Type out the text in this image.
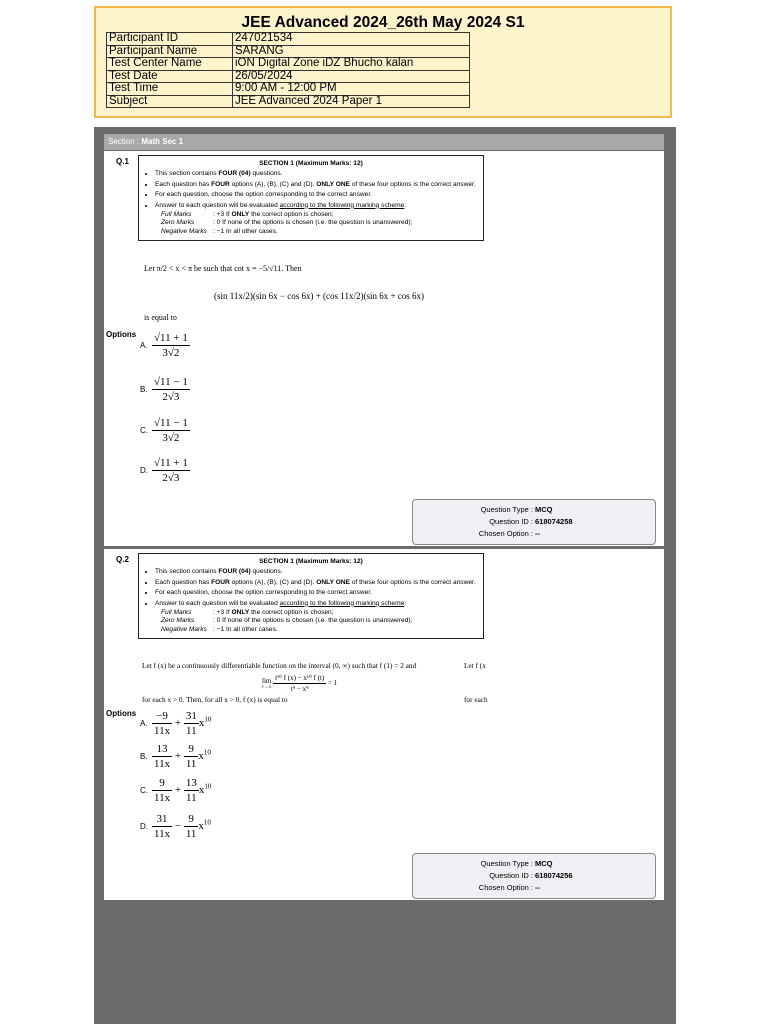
JEE Advanced 2024_26th May 2024 S1
Participant ID	247021534
Participant Name	SARANG
Test Center Name	iON Digital Zone iDZ Bhucho kalan
Test Date	26/05/2024
Test Time	9:00 AM - 12:00 PM
Subject	JEE Advanced 2024 Paper 1
Section : Math Sec 1
Q.1	SECTION 1 (Maximum Marks: 12)
• This section contains FOUR (04) questions.
• Each question has FOUR options (A), (B), (C) and (D). ONLY ONE of these four options is the correct answer.
• For each question, choose the option corresponding to the correct answer.
• Answer to each question will be evaluated according to the following marking scheme:
Full Marks	: +3 If ONLY the correct option is chosen;
Zero Marks	: 0 If none of the options is chosen (i.e. the question is unanswered);
Negative Marks : −1 In all other cases.
Let π/2 < x < π be such that cot x = −5/√11. Then
(sin 11x/2)(sin 6x − cos 6x) + (cos 11x/2)(sin 6x + cos 6x)
is equal to
Options
A. $\frac{√11 + 1}{3√2}$
B. $\frac{√11 - 1}{2√3}$
C. $\frac{√11 - 1}{3√2}$
D. $\frac{√11 + 1}{2√3}$
Question Type : MCQ
Question ID : 618074258
Chosen Option : --
Q.2	SECTION 1 (Maximum Marks: 12)
• This section contains FOUR (04) questions.
• Each question has FOUR options (A), (B), (C) and (D). ONLY ONE of these four options is the correct answer.
• For each question, choose the option corresponding to the correct answer.
• Answer to each question will be evaluated according to the following marking scheme:
Full Marks	: +3 If ONLY the correct option is chosen;
Zero Marks	: 0 If none of the options is chosen (i.e. the question is unanswered);
Negative Marks : −1 In all other cases.
Let f (x) be a continuously differentiable function on the interval (0, ∞) such that f (1) = 2 and	Let f (x
lim
t→x
$\frac{\text{t¹⁰ f (x) − x¹⁰ f (t)}}{\text{t⁹ − x⁹}} = 1$
for each x > 0. Then, for all x > 0, f (x) is equal to	for each
Options
A. $\frac{-9}{11x} + \frac{31}{11} x^{10}$
B. $\frac{13}{11x} + \frac{9}{11} x^{10}$
C. $\frac{9}{11x} + \frac{13}{11} x^{10}$
D. $\frac{31}{11x} - \frac{9}{11} x^{10}$
Question Type : MCQ
Question ID : 618074256
Chosen Option : --
